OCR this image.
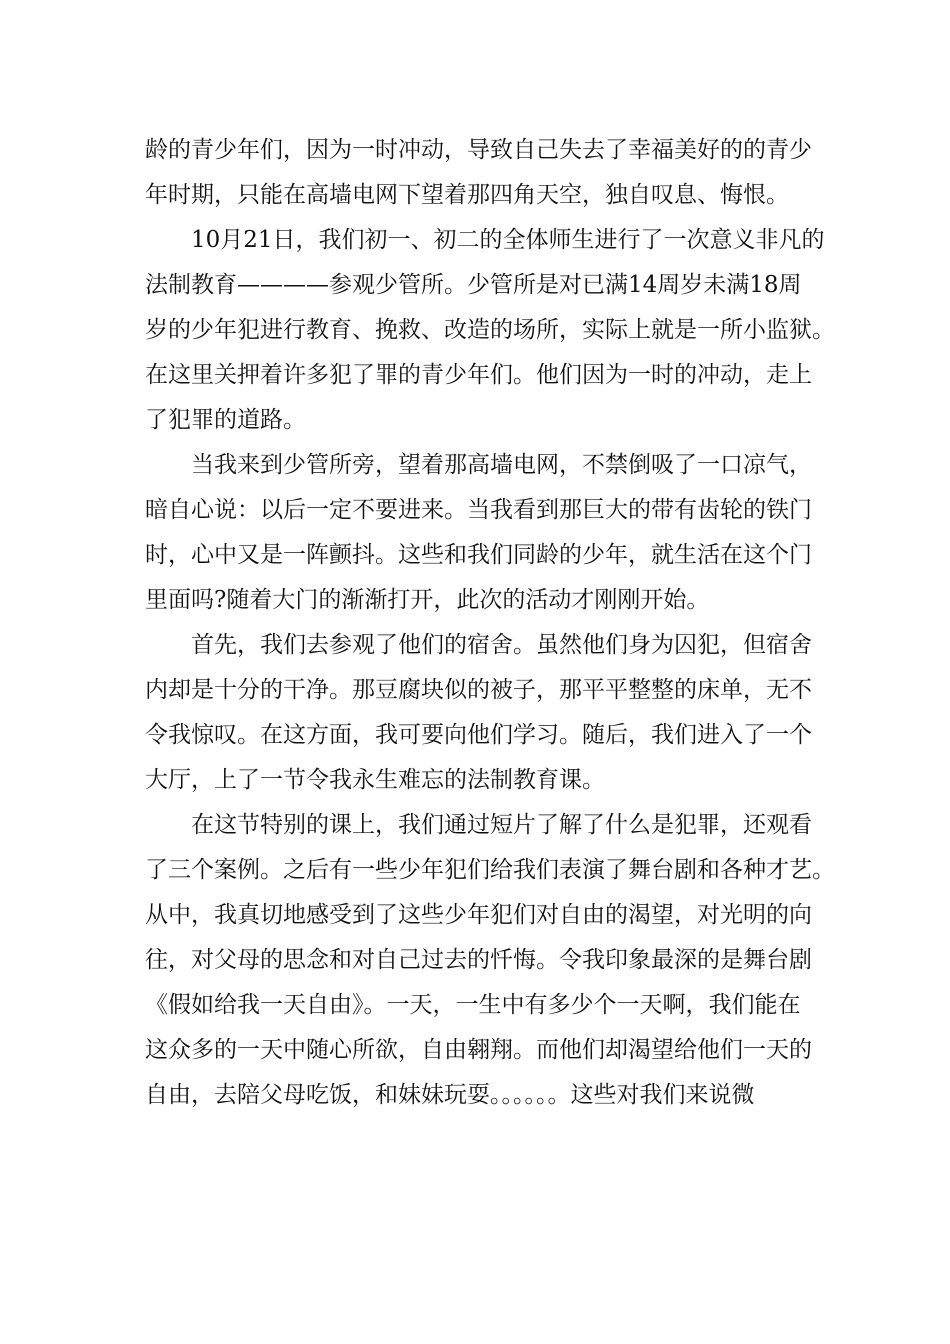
龄的青少年们，因为一时冲动，导致自己失去了幸福美好的的青少
年时期，只能在高墙电网下望着那四角天空，独自叹息、悔恨。
10月21日，我们初一、初二的全体师生进行了一次意义非凡的
法制教育————参观少管所。少管所是对已满14周岁未满18周
岁的少年犯进行教育、挽救、改造的场所，实际上就是一所小监狱。
在这里关押着许多犯了罪的青少年们。他们因为一时的冲动，走上
了犯罪的道路。
当我来到少管所旁，望着那高墙电网，不禁倒吸了一口凉气，
暗自心说：以后一定不要进来。当我看到那巨大的带有齿轮的铁门
时，心中又是一阵颤抖。这些和我们同龄的少年，就生活在这个门
里面吗?随着大门的渐渐打开，此次的活动才刚刚开始。
首先，我们去参观了他们的宿舍。虽然他们身为囚犯，但宿舍
内却是十分的干净。那豆腐块似的被子，那平平整整的床单，无不
令我惊叹。在这方面，我可要向他们学习。随后，我们进入了一个
大厅，上了一节令我永生难忘的法制教育课。
在这节特别的课上，我们通过短片了解了什么是犯罪，还观看
了三个案例。之后有一些少年犯们给我们表演了舞台剧和各种才艺。
从中，我真切地感受到了这些少年犯们对自由的渴望，对光明的向
往，对父母的思念和对自己过去的忏悔。令我印象最深的是舞台剧
《假如给我一天自由》。一天，一生中有多少个一天啊，我们能在
这众多的一天中随心所欲，自由翱翔。而他们却渴望给他们一天的
自由，去陪父母吃饭，和妹妹玩耍。。。。。。这些对我们来说微
